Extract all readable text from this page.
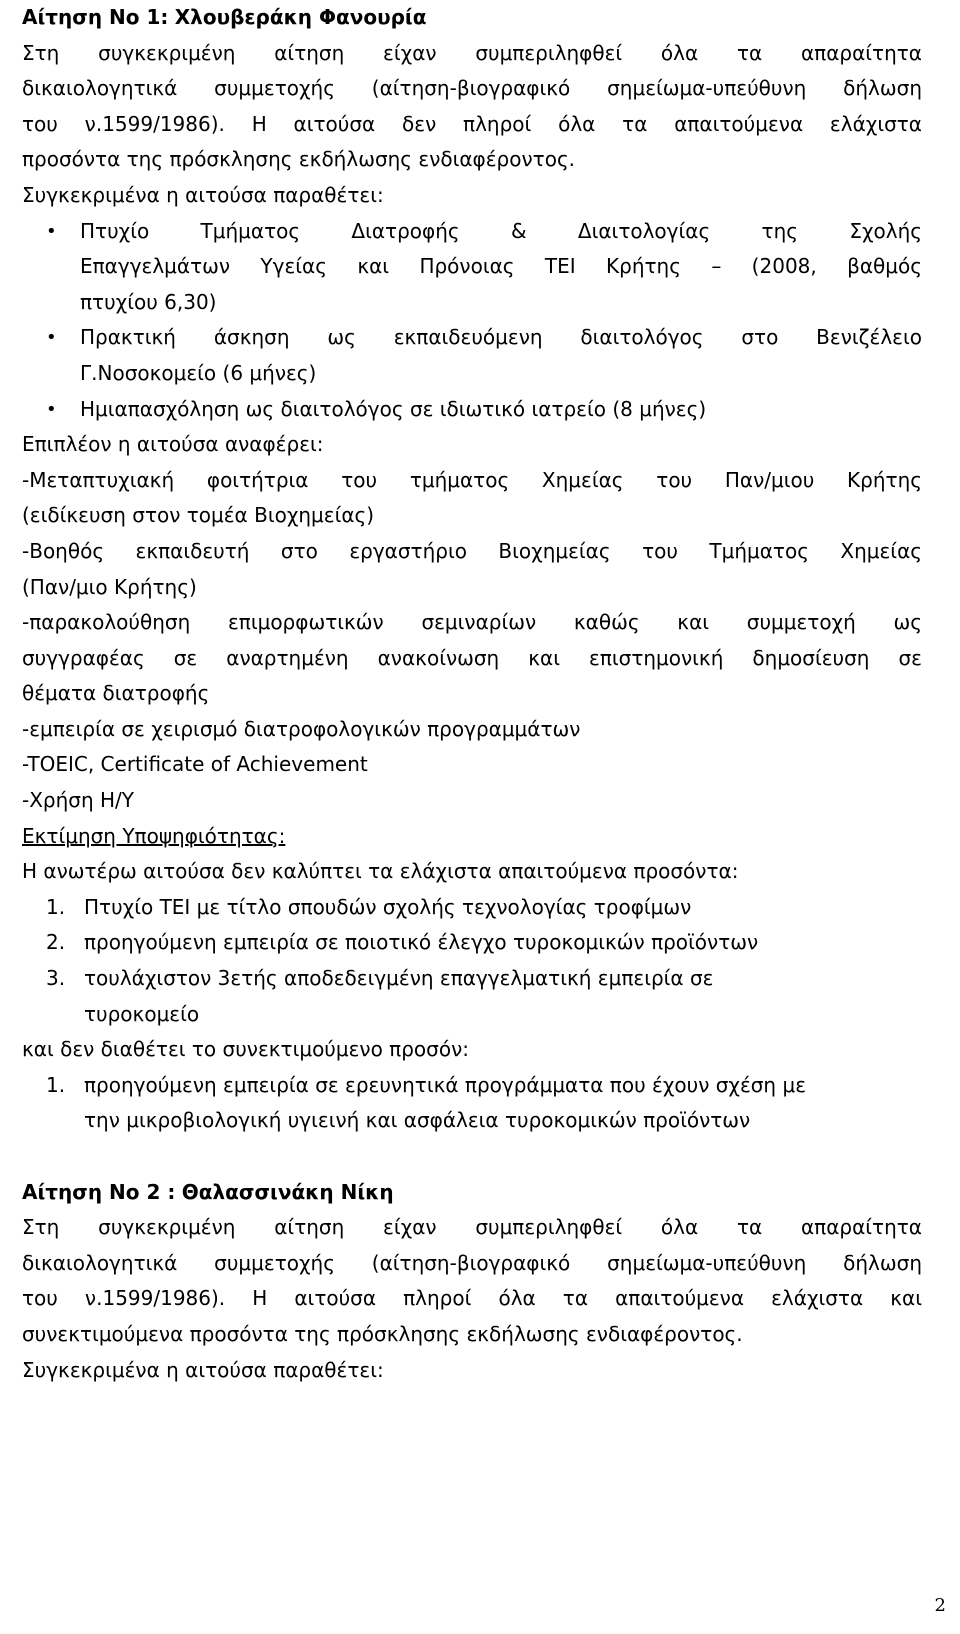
Αίτηση Νο 1: Χλουβεράκη Φανουρία
Στη συγκεκριμένη αίτηση είχαν συμπεριληφθεί όλα τα απαραίτητα
δικαιολογητικά συμμετοχής (αίτηση-βιογραφικό σημείωμα-υπεύθυνη δήλωση
του ν.1599/1986). Η αιτούσα δεν πληροί όλα τα απαιτούμενα ελάχιστα
προσόντα της πρόσκλησης εκδήλωσης ενδιαφέροντος.
Συγκεκριμένα η αιτούσα παραθέτει:
• Πτυχίο Τμήματος Διατροφής & Διαιτολογίας της Σχολής
Επαγγελμάτων Υγείας και Πρόνοιας ΤΕΙ Κρήτης – (2008, βαθμός
πτυχίου 6,30)
• Πρακτική άσκηση ως εκπαιδευόμενη διαιτολόγος στο Βενιζέλειο
Γ.Νοσοκομείο (6 μήνες)
• Ημιαπασχόληση ως διαιτολόγος σε ιδιωτικό ιατρείο (8 μήνες)
Επιπλέον η αιτούσα αναφέρει:
-Μεταπτυχιακή φοιτήτρια του τμήματος Χημείας του Παν/μιου Κρήτης
(ειδίκευση στον τομέα Βιοχημείας)
-Βοηθός εκπαιδευτή στο εργαστήριο Βιοχημείας του Τμήματος Χημείας
(Παν/μιο Κρήτης)
-παρακολούθηση επιμορφωτικών σεμιναρίων καθώς και συμμετοχή ως
συγγραφέας σε αναρτημένη ανακοίνωση και επιστημονική δημοσίευση σε
θέματα διατροφής
-εμπειρία σε χειρισμό διατροφολογικών προγραμμάτων
-TOEIC, Certificate of Achievement
-Χρήση Η/Υ
Εκτίμηση Υποψηφιότητας:
Η ανωτέρω αιτούσα δεν καλύπτει τα ελάχιστα απαιτούμενα προσόντα:
1. Πτυχίο ΤΕΙ με τίτλο σπουδών σχολής τεχνολογίας τροφίμων
2. προηγούμενη εμπειρία σε ποιοτικό έλεγχο τυροκομικών προϊόντων
3. τουλάχιστον 3ετής αποδεδειγμένη επαγγελματική εμπειρία σε
τυροκομείο
και δεν διαθέτει το συνεκτιμούμενο προσόν:
1. προηγούμενη εμπειρία σε ερευνητικά προγράμματα που έχουν σχέση με
την μικροβιολογική υγιεινή και ασφάλεια τυροκομικών προϊόντων
Αίτηση Νο 2 : Θαλασσινάκη Νίκη
Στη συγκεκριμένη αίτηση είχαν συμπεριληφθεί όλα τα απαραίτητα
δικαιολογητικά συμμετοχής (αίτηση-βιογραφικό σημείωμα-υπεύθυνη δήλωση
του ν.1599/1986). Η αιτούσα πληροί όλα τα απαιτούμενα ελάχιστα και
συνεκτιμούμενα προσόντα της πρόσκλησης εκδήλωσης ενδιαφέροντος.
Συγκεκριμένα η αιτούσα παραθέτει:
2
